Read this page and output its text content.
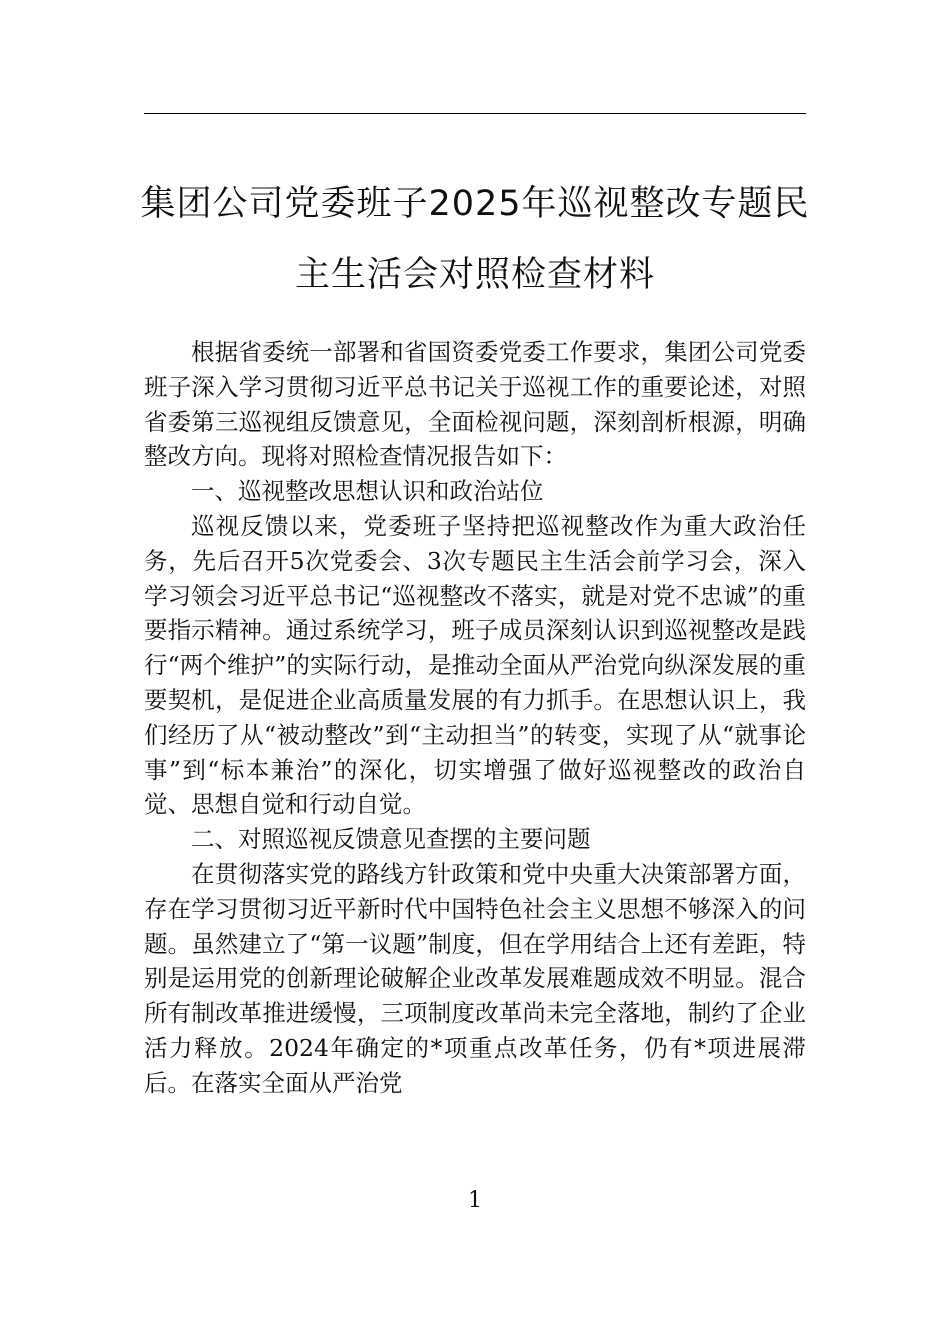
集团公司党委班子2025年巡视整改专题民
主生活会对照检查材料

根据省委统一部署和省国资委党委工作要求，集团公司党委班子深入学习贯彻习近平总书记关于巡视工作的重要论述，对照省委第三巡视组反馈意见，全面检视问题，深刻剖析根源，明确整改方向。现将对照检查情况报告如下：

一、巡视整改思想认识和政治站位

巡视反馈以来，党委班子坚持把巡视整改作为重大政治任务，先后召开5次党委会、3次专题民主生活会前学习会，深入学习领会习近平总书记“巡视整改不落实，就是对党不忠诚”的重要指示精神。通过系统学习，班子成员深刻认识到巡视整改是践行“两个维护”的实际行动，是推动全面从严治党向纵深发展的重要契机，是促进企业高质量发展的有力抓手。在思想认识上，我们经历了从“被动整改”到“主动担当”的转变，实现了从“就事论事”到“标本兼治”的深化，切实增强了做好巡视整改的政治自觉、思想自觉和行动自觉。

二、对照巡视反馈意见查摆的主要问题

在贯彻落实党的路线方针政策和党中央重大决策部署方面，存在学习贯彻习近平新时代中国特色社会主义思想不够深入的问题。虽然建立了“第一议题”制度，但在学用结合上还有差距，特别是运用党的创新理论破解企业改革发展难题成效不明显。混合所有制改革推进缓慢，三项制度改革尚未完全落地，制约了企业活力释放。2024年确定的*项重点改革任务，仍有*项进展滞后。在落实全面从严治党

1
